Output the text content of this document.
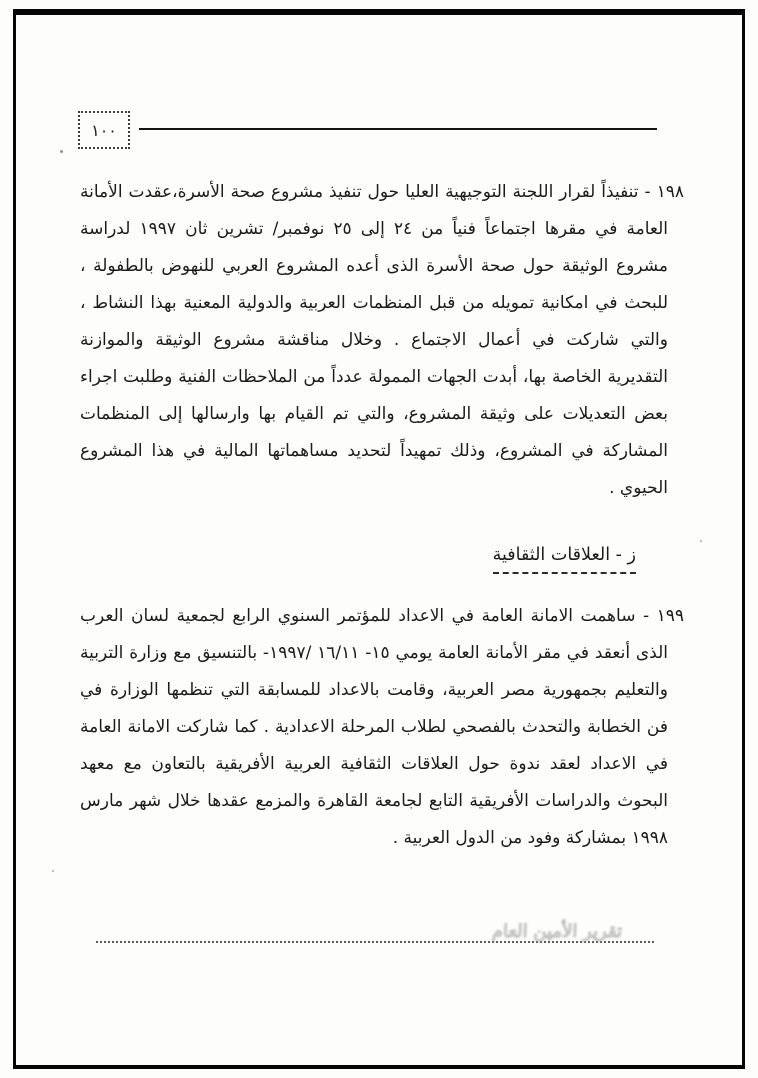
١٠٠

١٩٨ - تنفيذاً لقرار اللجنة التوجيهية العليا حول تنفيذ مشروع صحة الأسرة،عقدت الأمانة العامة في مقرها اجتماعاً فنياً من ٢٤ إلى ٢٥ نوفمبر/ تشرين ثان ١٩٩٧ لدراسة مشروع الوثيقة حول صحة الأسرة الذى أعده المشروع العربي للنهوض بالطفولة ، للبحث في امكانية تمويله من قبل المنظمات العربية والدولية المعنية بهذا النشاط ، والتي شاركت في أعمال الاجتماع . وخلال مناقشة مشروع الوثيقة والموازنة التقديرية الخاصة بها، أبدت الجهات الممولة عدداً من الملاحظات الفنية وطلبت اجراء بعض التعديلات على وثيقة المشروع، والتي تم القيام بها وارسالها إلى المنظمات المشاركة في المشروع، وذلك تمهيداً لتحديد مساهماتها المالية في هذا المشروع الحيوي .

ز - العلاقات الثقافية

١٩٩ - ساهمت الامانة العامة في الاعداد للمؤتمر السنوي الرابع لجمعية لسان العرب الذى أنعقد في مقر الأمانة العامة يومي ١٥- ١٦/١١ /١٩٩٧- بالتنسيق مع وزارة التربية والتعليم بجمهورية مصر العربية، وقامت بالاعداد للمسابقة التي تنظمها الوزارة في فن الخطابة والتحدث بالفصحي لطلاب المرحلة الاعدادية . كما شاركت الامانة العامة في الاعداد لعقد ندوة حول العلاقات الثقافية العربية الأفريقية بالتعاون مع معهد البحوث والدراسات الأفريقية التابع لجامعة القاهرة والمزمع عقدها خلال شهر مارس ١٩٩٨ بمشاركة وفود من الدول العربية .

تقرير الأمين العام
